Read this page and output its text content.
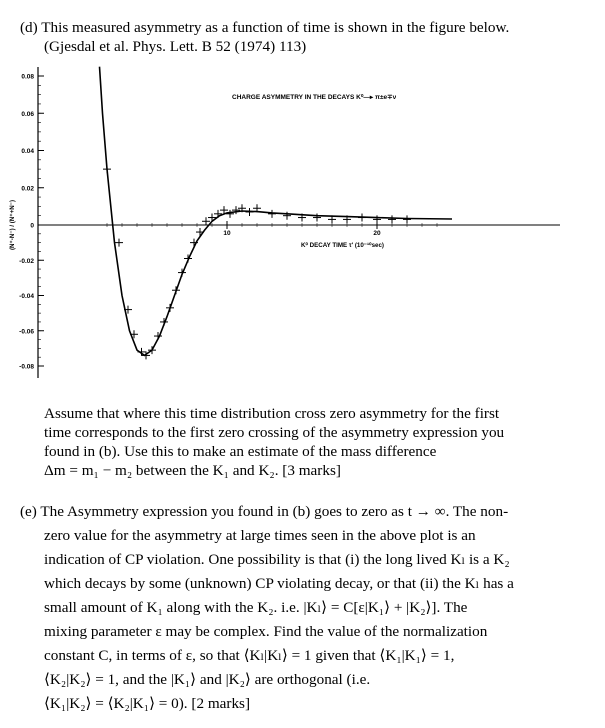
(d) This measured asymmetry as a function of time is shown in the figure below.

(Gjesdal et al. Phys. Lett. B 52 (1974) 113)

0.08
0.06
0.04
0.02
0
-0.02
-0.04
-0.06
-0.08
10	20
CHARGE ASYMMETRY IN THE DECAYS K⁰—▸ π±e∓ν
K⁰ DECAY TIME τ' (10⁻¹⁰sec)
(N⁺-N⁻) / (N⁺+N⁻)

Assume that where this time distribution cross zero asymmetry for the first

time corresponds to the first zero crossing of the asymmetry expression you

found in (b). Use this to make an estimate of the mass difference

Δm = m₁ − m₂ between the K₁ and K₂. [3 marks]

(e) The Asymmetry expression you found in (b) goes to zero as t → ∞. The non-

zero value for the asymmetry at large times seen in the above plot is an

indication of CP violation. One possibility is that (i) the long lived Kₗ is a K₂

which decays by some (unknown) CP violating decay, or that (ii) the Kₗ has a

small amount of K₁ along with the K₂. i.e. |Kₗ⟩ = C[ε|K₁⟩ + |K₂⟩]. The

mixing parameter ε may be complex. Find the value of the normalization

constant C, in terms of ε, so that ⟨Kₗ|Kₗ⟩ = 1 given that ⟨K₁|K₁⟩ = 1,

⟨K₂|K₂⟩ = 1, and the |K₁⟩ and |K₂⟩ are orthogonal (i.e.

⟨K₁|K₂⟩ = ⟨K₂|K₁⟩ = 0). [2 marks]
